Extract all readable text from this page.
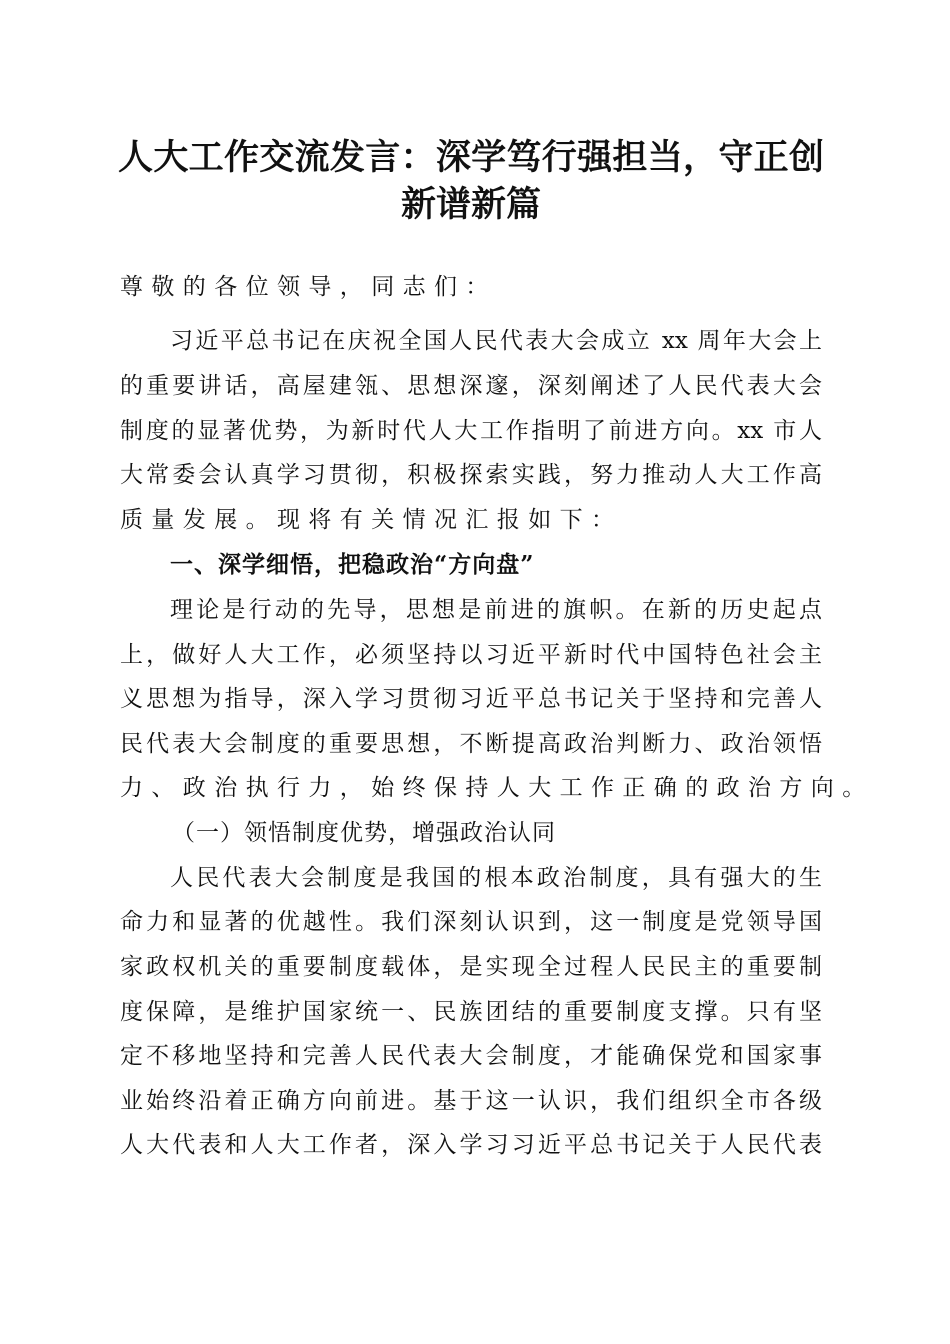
人大工作交流发言：深学笃行强担当，守正创
新谱新篇
尊敬的各位领导，同志们：
习近平总书记在庆祝全国人民代表大会成立 xx 周年大会上
的重要讲话，高屋建瓴、思想深邃，深刻阐述了人民代表大会
制度的显著优势，为新时代人大工作指明了前进方向。xx 市人
大常委会认真学习贯彻，积极探索实践，努力推动人大工作高
质量发展。现将有关情况汇报如下：
一、深学细悟，把稳政治“方向盘”
理论是行动的先导，思想是前进的旗帜。在新的历史起点
上，做好人大工作，必须坚持以习近平新时代中国特色社会主
义思想为指导，深入学习贯彻习近平总书记关于坚持和完善人
民代表大会制度的重要思想，不断提高政治判断力、政治领悟
力、政治执行力，始终保持人大工作正确的政治方向。
（一）领悟制度优势，增强政治认同
人民代表大会制度是我国的根本政治制度，具有强大的生
命力和显著的优越性。我们深刻认识到，这一制度是党领导国
家政权机关的重要制度载体，是实现全过程人民民主的重要制
度保障，是维护国家统一、民族团结的重要制度支撑。只有坚
定不移地坚持和完善人民代表大会制度，才能确保党和国家事
业始终沿着正确方向前进。基于这一认识，我们组织全市各级
人大代表和人大工作者，深入学习习近平总书记关于人民代表
